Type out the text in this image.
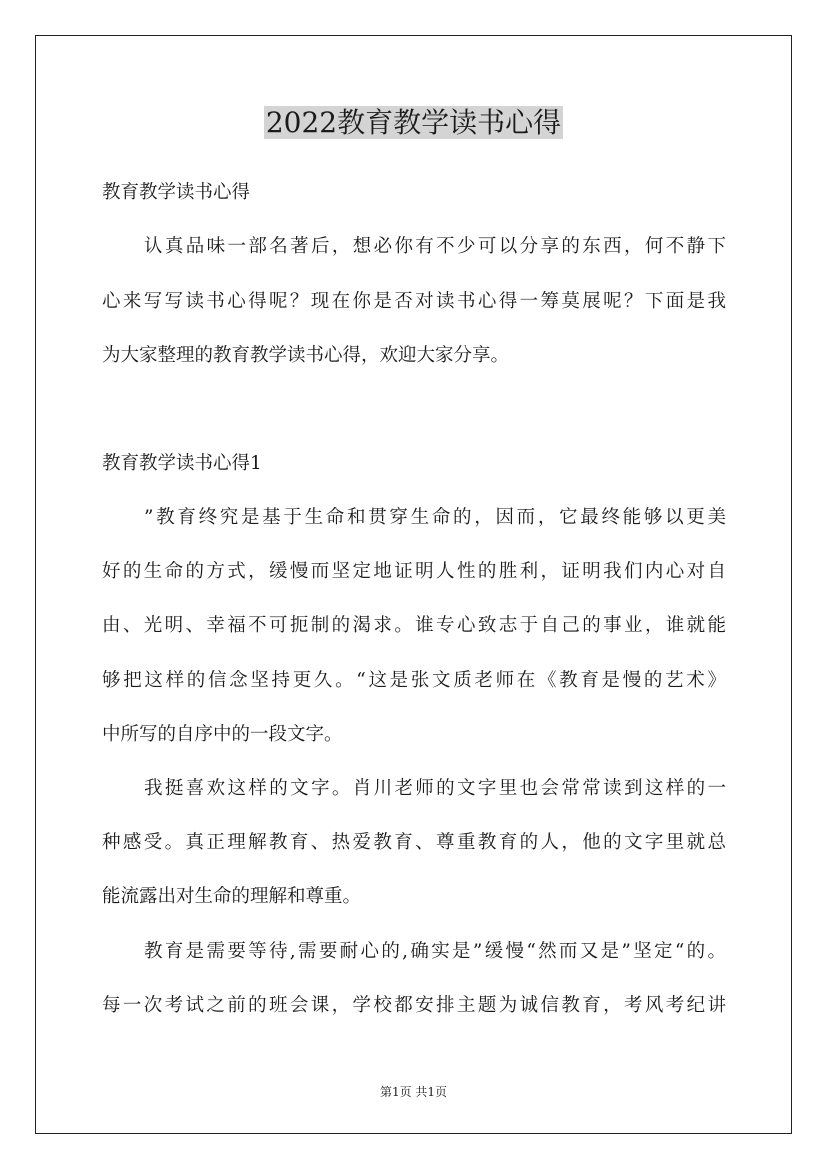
2022教育教学读书心得
教育教学读书心得
认真品味一部名著后，想必你有不少可以分享的东西，何不静下
心来写写读书心得呢？现在你是否对读书心得一筹莫展呢？下面是我
为大家整理的教育教学读书心得，欢迎大家分享。
教育教学读书心得1
”教育终究是基于生命和贯穿生命的，因而，它最终能够以更美
好的生命的方式，缓慢而坚定地证明人性的胜利，证明我们内心对自
由、光明、幸福不可扼制的渴求。谁专心致志于自己的事业，谁就能
够把这样的信念坚持更久。“这是张文质老师在《教育是慢的艺术》
中所写的自序中的一段文字。
我挺喜欢这样的文字。肖川老师的文字里也会常常读到这样的一
种感受。真正理解教育、热爱教育、尊重教育的人，他的文字里就总
能流露出对生命的理解和尊重。
教育是需要等待,需要耐心的,确实是”缓慢“然而又是”坚定“的。
每一次考试之前的班会课，学校都安排主题为诚信教育，考风考纪讲
第1页 共1页
